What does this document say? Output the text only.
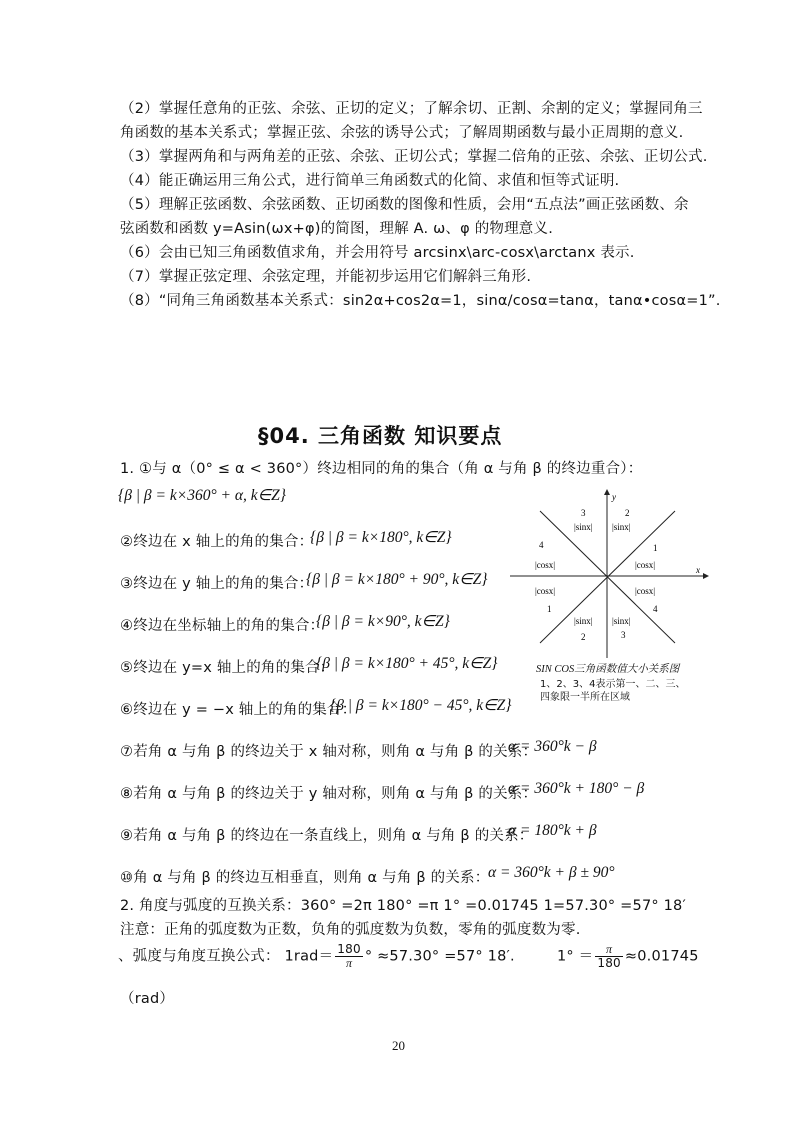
（2）掌握任意角的正弦、余弦、正切的定义；了解余切、正割、余割的定义；掌握同角三
角函数的基本关系式；掌握正弦、余弦的诱导公式；了解周期函数与最小正周期的意义.
（3）掌握两角和与两角差的正弦、余弦、正切公式；掌握二倍角的正弦、余弦、正切公式.
（4）能正确运用三角公式，进行简单三角函数式的化简、求值和恒等式证明.
（5）理解正弦函数、余弦函数、正切函数的图像和性质，会用“五点法”画正弦函数、余
弦函数和函数 y=Asin(ωx+φ)的简图，理解 A. ω、φ 的物理意义.
（6）会由已知三角函数值求角，并会用符号 arcsinx\arc-cosx\arctanx 表示.
（7）掌握正弦定理、余弦定理，并能初步运用它们解斜三角形.
（8）“同角三角函数基本关系式：sin2α+cos2α=1，sinα/cosα=tanα，tanα•cosα=1”.
§04. 三角函数 知识要点
1. ①与 α（0° ≤ α < 360°）终边相同的角的集合（角 α 与角 β 的终边重合）：
{β | β = k×360° + α, k∈Z}
②终边在 x 轴上的角的集合：
{β | β = k×180°, k∈Z}
③终边在 y 轴上的角的集合：
{β | β = k×180° + 90°, k∈Z}
④终边在坐标轴上的角的集合：
{β | β = k×90°, k∈Z}
⑤终边在 y=x 轴上的角的集合：
{β | β = k×180° + 45°, k∈Z}
⑥终边在 y = −x 轴上的角的集合：
{β | β = k×180° − 45°, k∈Z}
⑦若角 α 与角 β 的终边关于 x 轴对称，则角 α 与角 β 的关系：
α = 360°k − β
⑧若角 α 与角 β 的终边关于 y 轴对称，则角 α 与角 β 的关系：
α = 360°k + 180° − β
⑨若角 α 与角 β 的终边在一条直线上，则角 α 与角 β 的关系：
α = 180°k + β
⑩角 α 与角 β 的终边互相垂直，则角 α 与角 β 的关系：
α = 360°k + β ± 90°
2. 角度与弧度的互换关系：360° =2π 180° =π 1° =0.01745 1=57.30° =57° 18′
注意：正角的弧度数为正数，负角的弧度数为负数，零角的弧度数为零.
、弧度与角度互换公式： $1rad= \frac{180}{\pi}$ ° ≈57.30° =57° 18′.	$1^\circ = \frac{\pi}{180} \approx 0.01745$
（rad）
y
x
3	2
|sinx| |sinx|
4	1
|cosx|	|cosx|
|cosx|	|cosx|
1	4
|sinx| |sinx|
2	3
SIN COS三角函数值大小关系图
1、2、3、4表示第一、二、三、
四象限一半所在区域
20
